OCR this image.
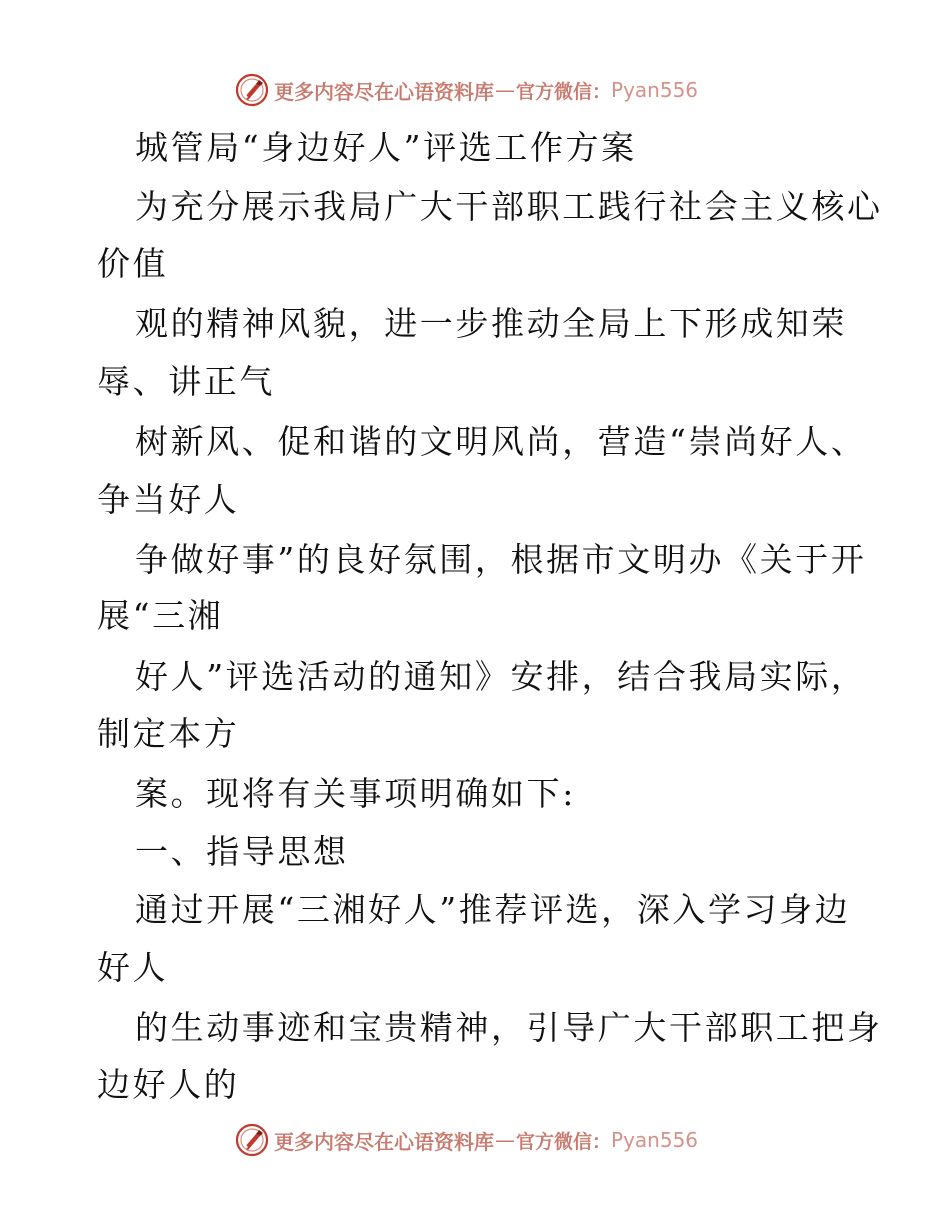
更多内容尽在心语资料库 — 官方微信： Pyan556
城管局“身边好人”评选工作方案
为充分展示我局广大干部职工践行社会主义核心
价值
观的精神风貌，进一步推动全局上下形成知荣
辱、讲正气
树新风、促和谐的文明风尚，营造“崇尚好人、
争当好人
争做好事”的良好氛围，根据市文明办《关于开
展“三湘
好人”评选活动的通知》安排，结合我局实际，
制定本方
案。现将有关事项明确如下:
一、指导思想
通过开展“三湘好人”推荐评选，深入学习身边
好人
的生动事迹和宝贵精神，引导广大干部职工把身
边好人的
更多内容尽在心语资料库 — 官方微信： Pyan556
